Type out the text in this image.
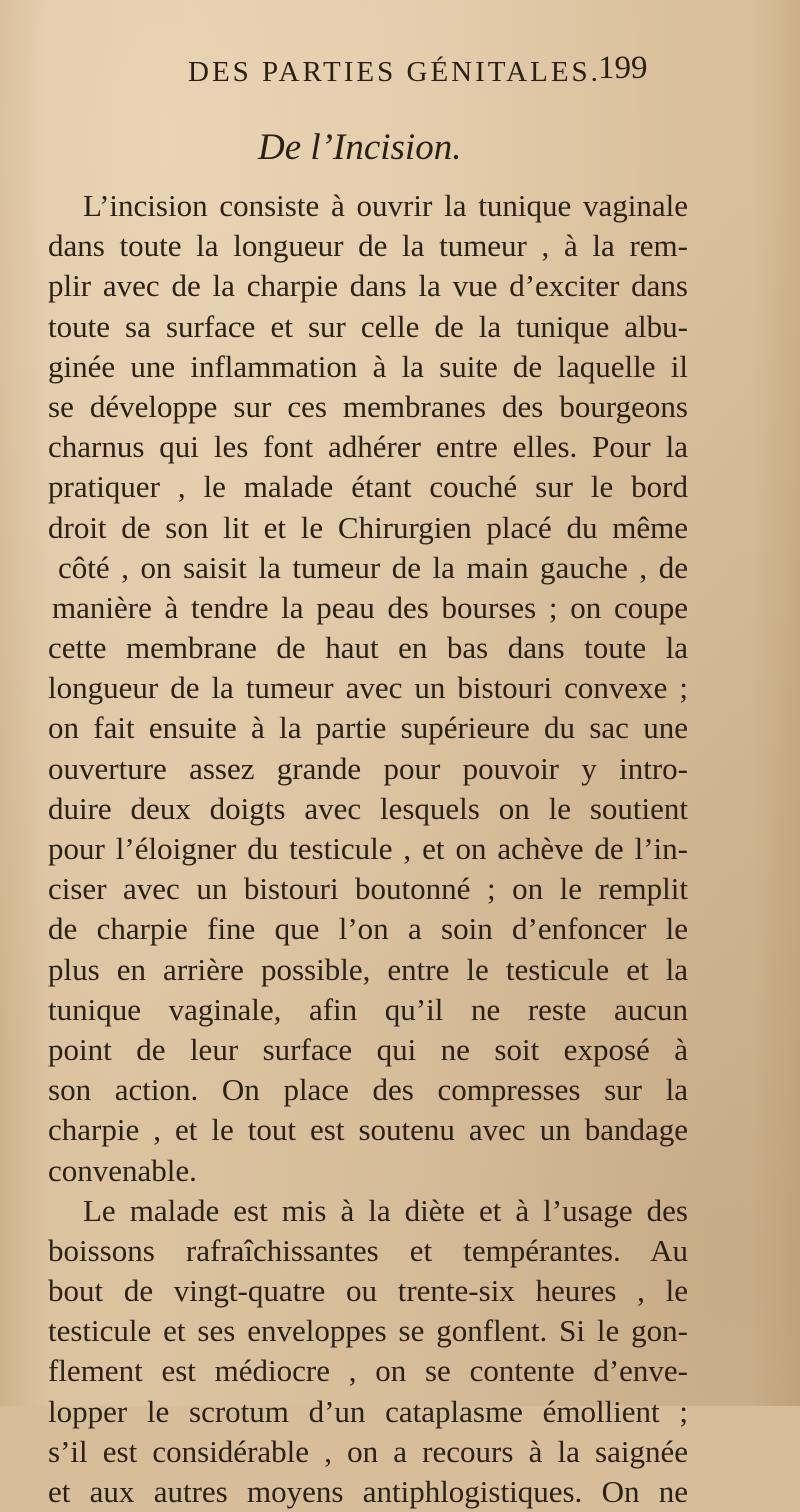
DES PARTIES GÉNITALES.
199
De l’Incision.
L’incision consiste à ouvrir la tunique vaginale
dans toute la longueur de la tumeur , à la rem-
plir avec de la charpie dans la vue d’exciter dans
toute sa surface et sur celle de la tunique albu-
ginée une inflammation à la suite de laquelle il
se développe sur ces membranes des bourgeons
charnus qui les font adhérer entre elles. Pour la
pratiquer , le malade étant couché sur le bord
droit de son lit et le Chirurgien placé du même
côté , on saisit la tumeur de la main gauche , de
manière à tendre la peau des bourses ; on coupe
cette membrane de haut en bas dans toute la
longueur de la tumeur avec un bistouri convexe ;
on fait ensuite à la partie supérieure du sac une
ouverture assez grande pour pouvoir y intro-
duire deux doigts avec lesquels on le soutient
pour l’éloigner du testicule , et on achève de l’in-
ciser avec un bistouri boutonné ; on le remplit
de charpie fine que l’on a soin d’enfoncer le
plus en arrière possible, entre le testicule et la
tunique vaginale, afin qu’il ne reste aucun
point de leur surface qui ne soit exposé à
son action. On place des compresses sur la
charpie , et le tout est soutenu avec un bandage
convenable.
Le malade est mis à la diète et à l’usage des
boissons rafraîchissantes et tempérantes. Au
bout de vingt-quatre ou trente-six heures , le
testicule et ses enveloppes se gonflent. Si le gon-
flement est médiocre , on se contente d’enve-
lopper le scrotum d’un cataplasme émollient ;
s’il est considérable , on a recours à la saignée
et aux autres moyens antiphlogistiques. On ne
